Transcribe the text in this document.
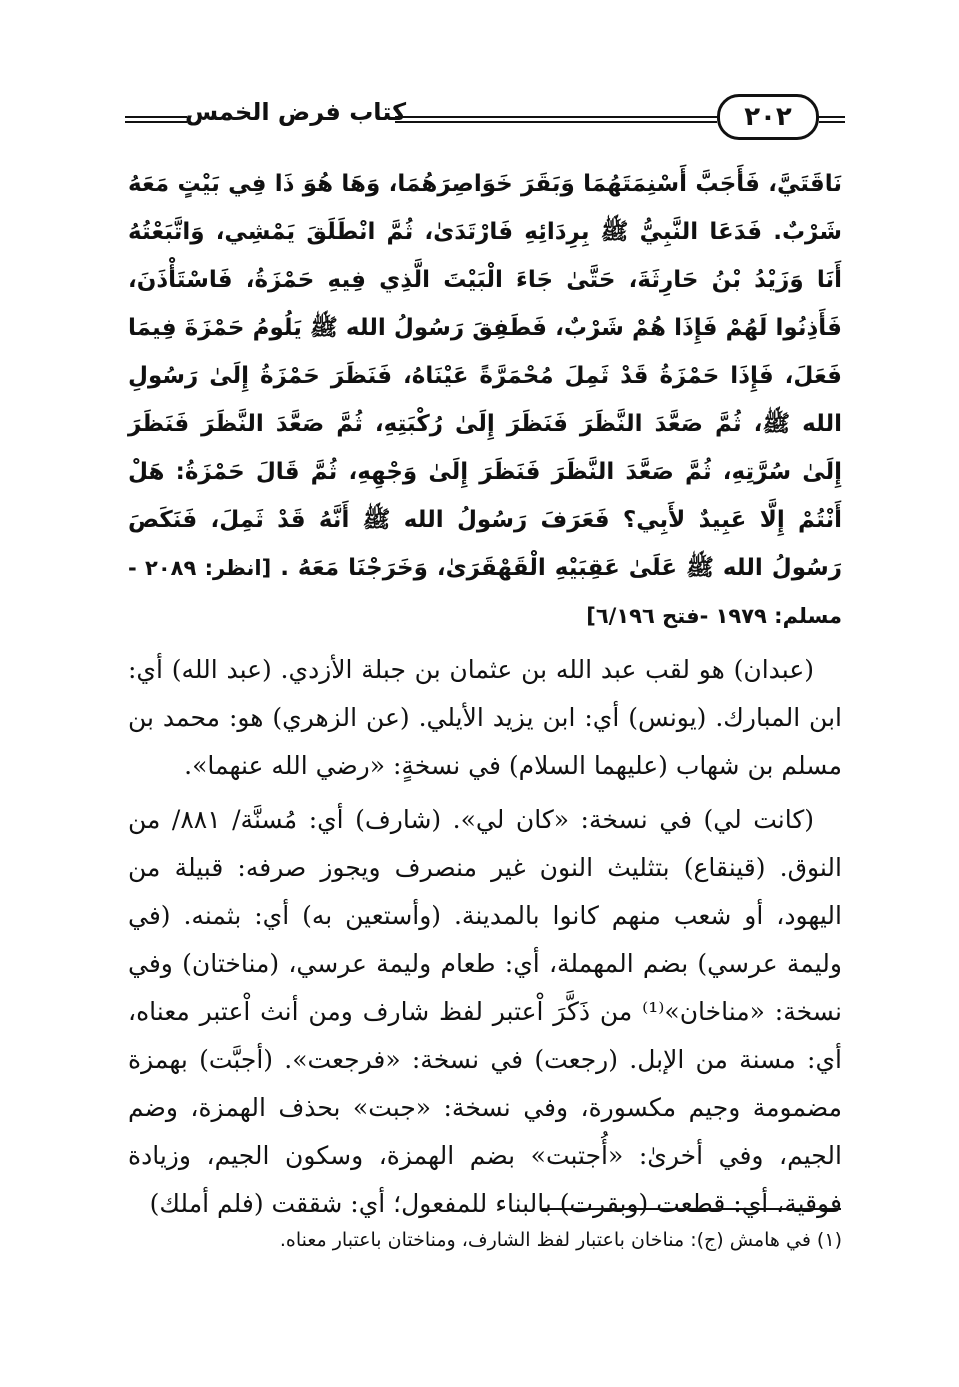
كتاب فرض الخمس	٢٠٢

نَاقَتَيَّ، فَأَجَبَّ أَسْنِمَتَهُمَا وَبَقَرَ خَوَاصِرَهُمَا، وَهَا هُوَ ذَا فِي بَيْتٍ مَعَهُ شَرْبٌ. فَدَعَا النَّبِيُّ ﷺ بِرِدَائِهِ فَارْتَدَىٰ، ثُمَّ انْطَلَقَ يَمْشِي، وَاتَّبَعْتُهُ أَنَا وَزَيْدُ بْنُ حَارِثَةَ، حَتَّىٰ جَاءَ الْبَيْتَ الَّذِي فِيهِ حَمْزَةُ، فَاسْتَأْذَنَ، فَأَذِنُوا لَهُمْ فَإِذَا هُمْ شَرْبٌ، فَطَفِقَ رَسُولُ الله ﷺ يَلُومُ حَمْزَةَ فِيمَا فَعَلَ، فَإِذَا حَمْزَةُ قَدْ ثَمِلَ مُحْمَرَّةً عَيْنَاهُ، فَنَظَرَ حَمْزَةُ إِلَىٰ رَسُولِ الله ﷺ، ثُمَّ صَعَّدَ النَّظَرَ فَنَظَرَ إِلَىٰ رُكْبَتِهِ، ثُمَّ صَعَّدَ النَّظَرَ فَنَظَرَ إِلَىٰ سُرَّتِهِ، ثُمَّ صَعَّدَ النَّظَرَ فَنَظَرَ إِلَىٰ وَجْهِهِ، ثُمَّ قَالَ حَمْزَةُ: هَلْ أَنْتُمْ إِلَّا عَبِيدٌ لأَبِي؟ فَعَرَفَ رَسُولُ الله ﷺ أَنَّهُ قَدْ ثَمِلَ، فَنَكَصَ رَسُولُ الله ﷺ عَلَىٰ عَقِبَيْهِ الْقَهْقَرَىٰ، وَخَرَجْنَا مَعَهُ . [انظر: ٢٠٨٩ - مسلم: ١٩٧٩ -فتح ٦/١٩٦]

(عبدان) هو لقب عبد الله بن عثمان بن جبلة الأزدي. (عبد الله) أي: ابن المبارك. (يونس) أي: ابن يزيد الأيلي. (عن الزهري) هو: محمد بن مسلم بن شهاب (عليهما السلام) في نسخةٍ: «رضي الله عنهما».

(كانت لي) في نسخة: «كان لي». (شارف) أي: مُسنَّة/ ٨٨١/ من النوق. (قينقاع) بتثليث النون غير منصرف ويجوز صرفه: قبيلة من اليهود، أو شعب منهم كانوا بالمدينة. (وأستعين به) أي: بثمنه. (في وليمة عرسي) بضم المهملة، أي: طعام وليمة عرسي، (مناختان) وفي نسخة: «مناخان»⁽¹⁾ من ذَكَّرَ اْعتبر لفظ شارف ومن أنث اْعتبر معناه، أي: مسنة من الإبل. (رجعت) في نسخة: «فرجعت». (أجبَّت) بهمزة مضمومة وجيم مكسورة، وفي نسخة: «جبت» بحذف الهمزة، وضم الجيم، وفي أخرىٰ: «أُجتبت» بضم الهمزة، وسكون الجيم، وزيادة فوقية، أي: قطعت (وبقرت) بالبناء للمفعول؛ أي: شققت (فلم أملك)

(١) في هامش (ج): مناخان باعتبار لفظ الشارف، ومناختان باعتبار معناه.
